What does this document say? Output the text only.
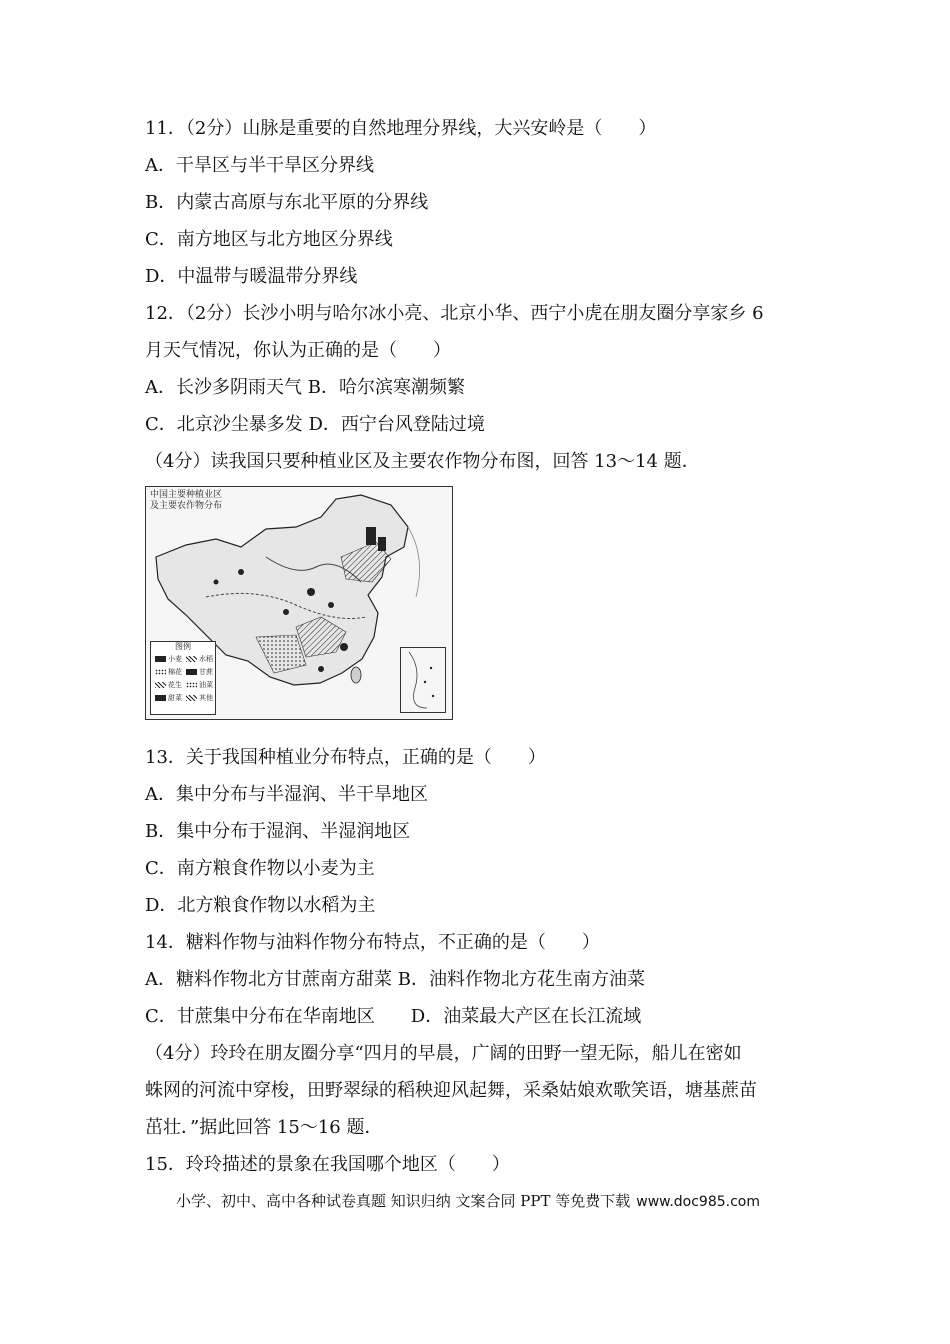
11．（2分）山脉是重要的自然地理分界线，大兴安岭是（　　）
A．干旱区与半干旱区分界线
B．内蒙古高原与东北平原的分界线
C．南方地区与北方地区分界线
D．中温带与暖温带分界线
12．（2分）长沙小明与哈尔冰小亮、北京小华、西宁小虎在朋友圈分享家乡 6
月天气情况，你认为正确的是（　　）
A．长沙多阴雨天气 B．哈尔滨寒潮频繁
C．北京沙尘暴多发 D．西宁台风登陆过境
（4分）读我国只要种植业区及主要农作物分布图，回答 13～14 题．
中国主要种植业区
及主要农作物分布
图例
小麦 水稻
棉花 甘蔗
花生 油菜
甜菜 其他
13．关于我国种植业分布特点，正确的是（　　）
A．集中分布与半湿润、半干旱地区
B．集中分布于湿润、半湿润地区
C．南方粮食作物以小麦为主
D．北方粮食作物以水稻为主
14．糖料作物与油料作物分布特点，不正确的是（　　）
A．糖料作物北方甘蔗南方甜菜 B．油料作物北方花生南方油菜
C．甘蔗集中分布在华南地区　　D．油菜最大产区在长江流域
（4分）玲玲在朋友圈分享“四月的早晨，广阔的田野一望无际，船儿在密如
蛛网的河流中穿梭，田野翠绿的稻秧迎风起舞，采桑姑娘欢歌笑语，塘基蔗苗
茁壮．”据此回答 15～16 题．
15．玲玲描述的景象在我国哪个地区（　　）
小学、初中、高中各种试卷真题 知识归纳 文案合同 PPT 等免费下载 www.doc985.com
